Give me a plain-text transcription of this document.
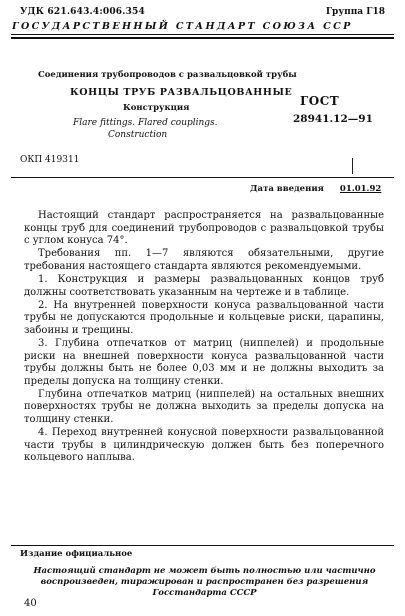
УДК 621.643.4:006.354	Группа Г18
ГОСУДАРСТВЕННЫЙ СТАНДАРТ СОЮЗА ССР
Соединения трубопроводов с развальцовкой трубы
КОНЦЫ ТРУБ РАЗВАЛЬЦОВАННЫЕ
Конструкция
Flare fittings. Flared couplings.
Construction
ГОСТ
28941.12—91
ОКП 419311
Дата введения 01.01.92

Настоящий стандарт распространяется на развальцованные концы труб для соединений трубопроводов с развальцовкой трубы с углом конуса 74°.

Требования пп. 1—7 являются обязательными, другие требования настоящего стандарта являются рекомендуемыми.

1. Конструкция и размеры развальцованных концов труб должны соответствовать указанным на чертеже и в таблице.

2. На внутренней поверхности конуса развальцованной части трубы не допускаются продольные и кольцевые риски, царапины, забоины и трещины.

3. Глубина отпечатков от матриц (ниппелей) и продольные риски на внешней поверхности конуса развальцованной части трубы должны быть не более 0,03 мм и не должны выходить за пределы допуска на толщину стенки.

Глубина отпечатков матриц (ниппелей) на остальных внешних поверхностях трубы не должна выходить за пределы допуска на толщину стенки.

4. Переход внутренней конусной поверхности развальцованной части трубы в цилиндрическую должен быть без поперечного кольцевого наплыва.

Издание официальное
Настоящий стандарт не может быть полностью или частично воспроизведен, тиражирован и распространен без разрешения Госстандарта СССР
40
